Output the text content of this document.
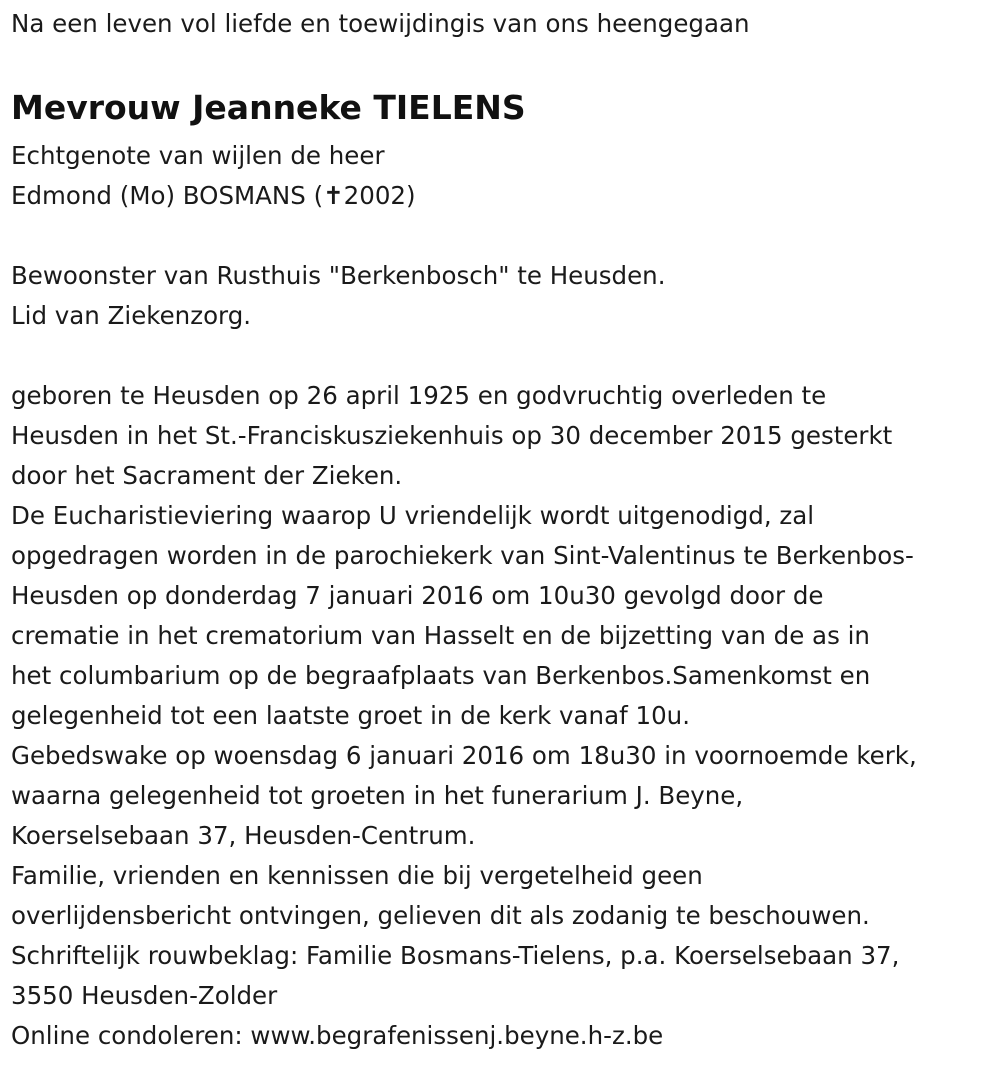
Na een leven vol liefde en toewijdingis van ons heengegaan
Mevrouw Jeanneke TIELENS
Echtgenote van wijlen de heer
Edmond (Mo) BOSMANS (✝2002)
Bewoonster van Rusthuis "Berkenbosch" te Heusden.
Lid van Ziekenzorg.
geboren te Heusden op 26 april 1925 en godvruchtig overleden te
Heusden in het St.-Franciskusziekenhuis op 30 december 2015 gesterkt
door het Sacrament der Zieken.
De Eucharistieviering waarop U vriendelijk wordt uitgenodigd, zal
opgedragen worden in de parochiekerk van Sint-Valentinus te Berkenbos-
Heusden op donderdag 7 januari 2016 om 10u30 gevolgd door de
crematie in het crematorium van Hasselt en de bijzetting van de as in
het columbarium op de begraafplaats van Berkenbos.Samenkomst en
gelegenheid tot een laatste groet in de kerk vanaf 10u.
Gebedswake op woensdag 6 januari 2016 om 18u30 in voornoemde kerk,
waarna gelegenheid tot groeten in het funerarium J. Beyne,
Koerselsebaan 37, Heusden-Centrum.
Familie, vrienden en kennissen die bij vergetelheid geen
overlijdensbericht ontvingen, gelieven dit als zodanig te beschouwen.
Schriftelijk rouwbeklag: Familie Bosmans-Tielens, p.a. Koerselsebaan 37,
3550 Heusden-Zolder
Online condoleren: www.begrafenissenj.beyne.h-z.be
